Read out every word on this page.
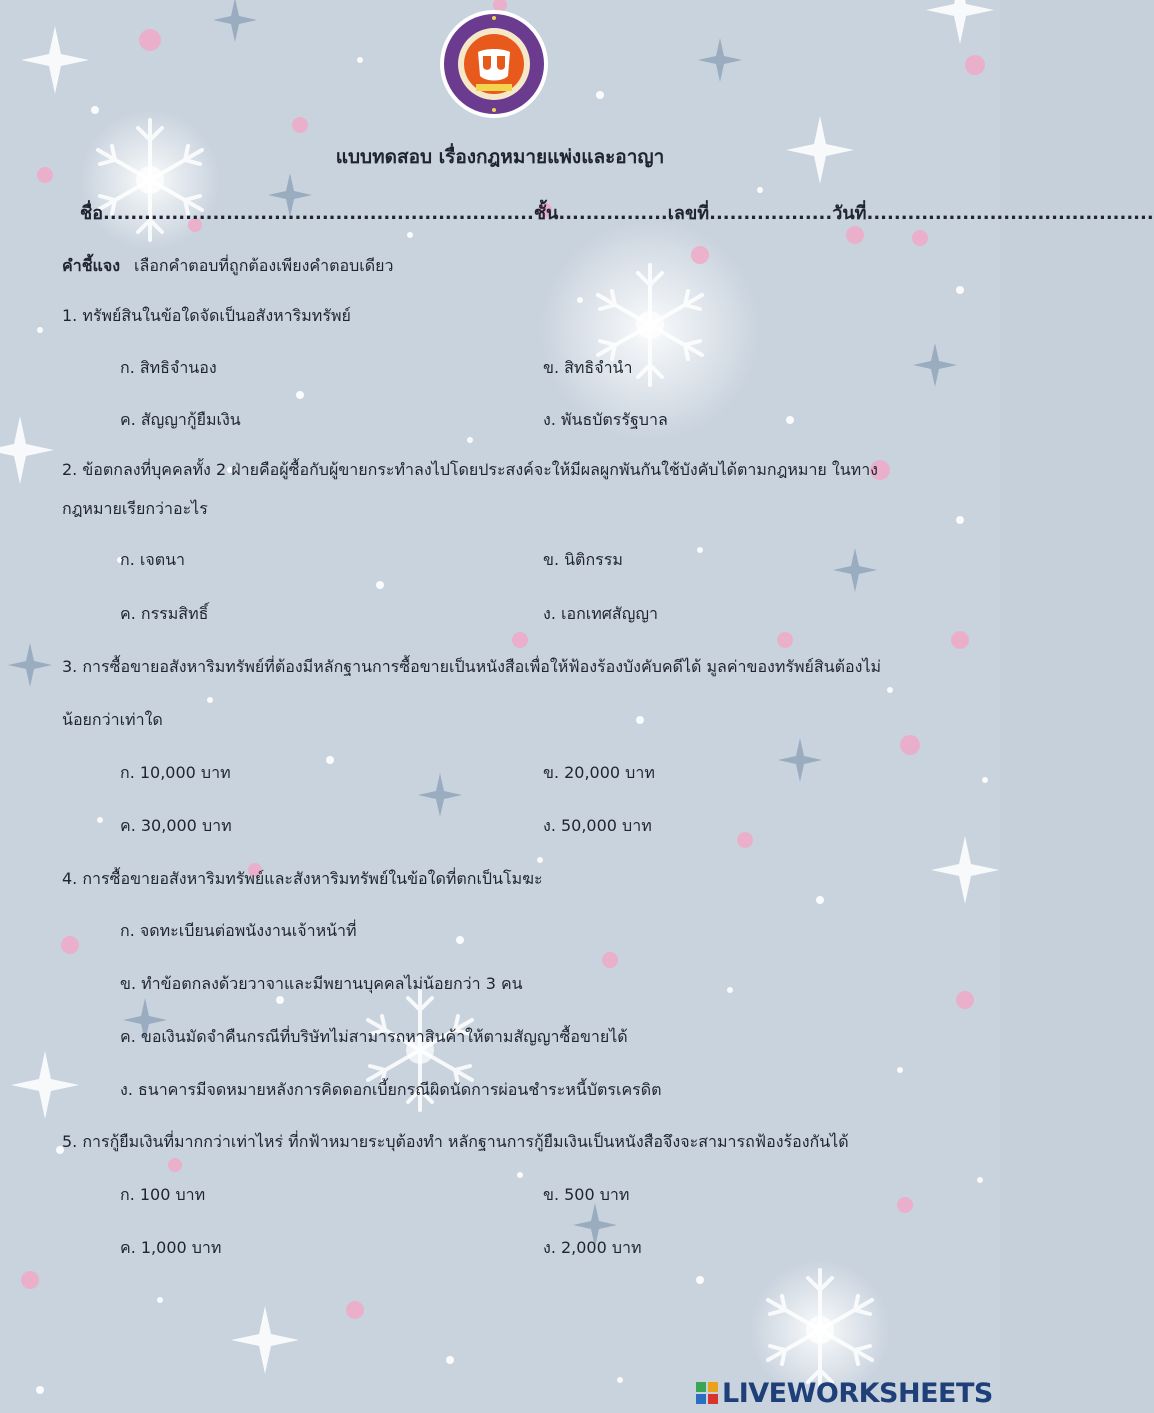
แบบทดสอบ เรื่องกฎหมายแพ่งและอาญา
ชื่อ...............................................................ชั้น................เลขที่..................วันที่..........................................
คำชี้แจง เลือกคำตอบที่ถูกต้องเพียงคำตอบเดียว
1. ทรัพย์สินในข้อใดจัดเป็นอสังหาริมทรัพย์
ก. สิทธิจำนอง	ข. สิทธิจำนำ
ค. สัญญากู้ยืมเงิน	ง. พันธบัตรรัฐบาล
2. ข้อตกลงที่บุคคลทั้ง 2 ฝ่ายคือผู้ซื้อกับผู้ขายกระทำลงไปโดยประสงค์จะให้มีผลผูกพันกันใช้บังคับได้ตามกฎหมาย ในทาง
กฎหมายเรียกว่าอะไร
ก. เจตนา	ข. นิติกรรม
ค. กรรมสิทธิ์	ง. เอกเทศสัญญา
3. การซื้อขายอสังหาริมทรัพย์ที่ต้องมีหลักฐานการซื้อขายเป็นหนังสือเพื่อให้ฟ้องร้องบังคับคดีได้ มูลค่าของทรัพย์สินต้องไม่
น้อยกว่าเท่าใด
ก. 10,000 บาท	ข. 20,000 บาท
ค. 30,000 บาท	ง. 50,000 บาท
4. การซื้อขายอสังหาริมทรัพย์และสังหาริมทรัพย์ในข้อใดที่ตกเป็นโมฆะ
ก. จดทะเบียนต่อพนังงานเจ้าหน้าที่
ข. ทำข้อตกลงด้วยวาจาและมีพยานบุคคลไม่น้อยกว่า 3 คน
ค. ขอเงินมัดจำคืนกรณีที่บริษัทไม่สามารถหาสินค้าให้ตามสัญญาซื้อขายได้
ง. ธนาคารมีจดหมายหลังการคิดดอกเบี้ยกรณีผิดนัดการผ่อนชำระหนี้บัตรเครดิต
5. การกู้ยืมเงินที่มากกว่าเท่าไหร่ ที่กฟ้าหมายระบุต้องทำ หลักฐานการกู้ยืมเงินเป็นหนังสือจึงจะสามารถฟ้องร้องกันได้
ก. 100 บาท	ข. 500 บาท
ค. 1,000 บาท	ง. 2,000 บาท
LIVEWORKSHEETS
